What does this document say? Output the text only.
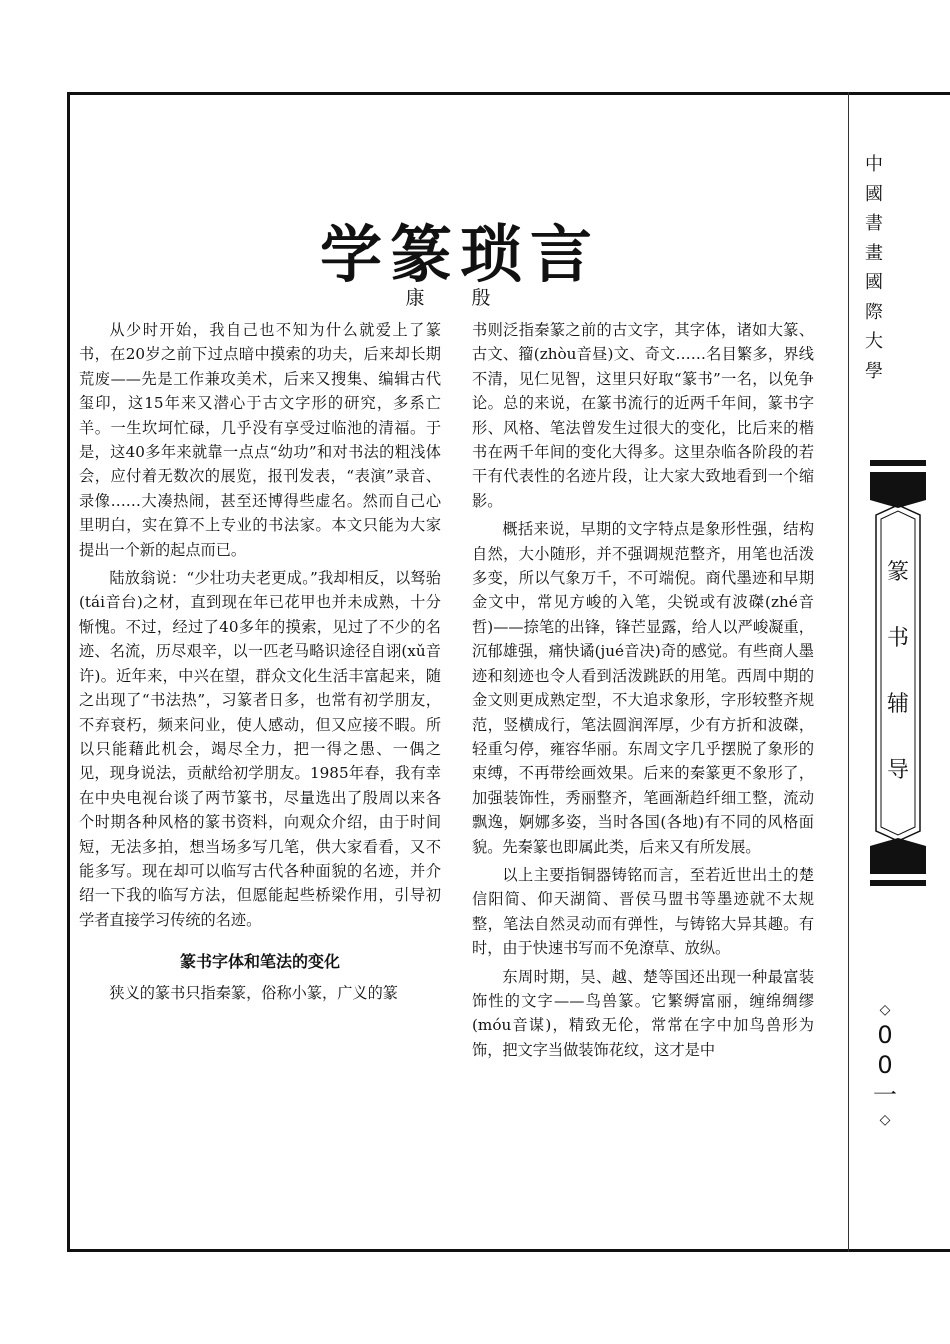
学篆琐言
康　殷

从少时开始，我自己也不知为什么就爱上了篆书，在20岁之前下过点暗中摸索的功夫，后来却长期荒废——先是工作兼攻美术，后来又搜集、编辑古代玺印，这15年来又潜心于古文字形的研究，多系亡羊。一生坎坷忙碌，几乎没有享受过临池的清福。于是，这40多年来就靠一点点“幼功”和对书法的粗浅体会，应付着无数次的展览，报刊发表，“表演”录音、录像……大凑热闹，甚至还博得些虚名。然而自己心里明白，实在算不上专业的书法家。本文只能为大家提出一个新的起点而已。

陆放翁说：“少壮功夫老更成。”我却相反，以驽骀(tái音台)之材，直到现在年已花甲也并未成熟，十分惭愧。不过，经过了40多年的摸索，见过了不少的名迹、名流，历尽艰辛，以一匹老马略识途径自诩(xǔ音许)。近年来，中兴在望，群众文化生活丰富起来，随之出现了“书法热”，习篆者日多，也常有初学朋友，不弃衰朽，频来问业，使人感动，但又应接不暇。所以只能藉此机会，竭尽全力，把一得之愚、一偶之见，现身说法，贡献给初学朋友。1985年春，我有幸在中央电视台谈了两节篆书，尽量选出了殷周以来各个时期各种风格的篆书资料，向观众介绍，由于时间短，无法多拍，想当场多写几笔，供大家看看，又不能多写。现在却可以临写古代各种面貌的名迹，并介绍一下我的临写方法，但愿能起些桥梁作用，引导初学者直接学习传统的名迹。

篆书字体和笔法的变化

狭义的篆书只指秦篆，俗称小篆，广义的篆

书则泛指秦篆之前的古文字，其字体，诸如大篆、古文、籀(zhòu音昼)文、奇文……名目繁多，界线不清，见仁见智，这里只好取“篆书”一名，以免争论。总的来说，在篆书流行的近两千年间，篆书字形、风格、笔法曾发生过很大的变化，比后来的楷书在两千年间的变化大得多。这里杂临各阶段的若干有代表性的名迹片段，让大家大致地看到一个缩影。

概括来说，早期的文字特点是象形性强，结构自然，大小随形，并不强调规范整齐，用笔也活泼多变，所以气象万千，不可端倪。商代墨迹和早期金文中，常见方峻的入笔，尖锐或有波磔(zhé音哲)——捺笔的出锋，锋芒显露，给人以严峻凝重，沉郁雄强，痛快谲(jué音决)奇的感觉。有些商人墨迹和刻迹也令人看到活泼跳跃的用笔。西周中期的金文则更成熟定型，不大追求象形，字形较整齐规范，竖横成行，笔法圆润浑厚，少有方折和波磔，轻重匀停，雍容华丽。东周文字几乎摆脱了象形的束缚，不再带绘画效果。后来的秦篆更不象形了，加强装饰性，秀丽整齐，笔画渐趋纤细工整，流动飘逸，婀娜多姿，当时各国(各地)有不同的风格面貌。先秦篆也即属此类，后来又有所发展。

以上主要指铜器铸铭而言，至若近世出土的楚信阳简、仰天湖简、晋侯马盟书等墨迹就不太规整，笔法自然灵动而有弹性，与铸铭大异其趣。有时，由于快速书写而不免潦草、放纵。

东周时期，吴、越、楚等国还出现一种最富装饰性的文字——鸟兽篆。它繁缛富丽，缠绵绸缪(móu音谋)，精致无伦，常常在字中加鸟兽形为饰，把文字当做装饰花纹，这才是中

中
國
書
畫
國
際
大
學
篆
书
辅
导
◇
0
0
一
◇
